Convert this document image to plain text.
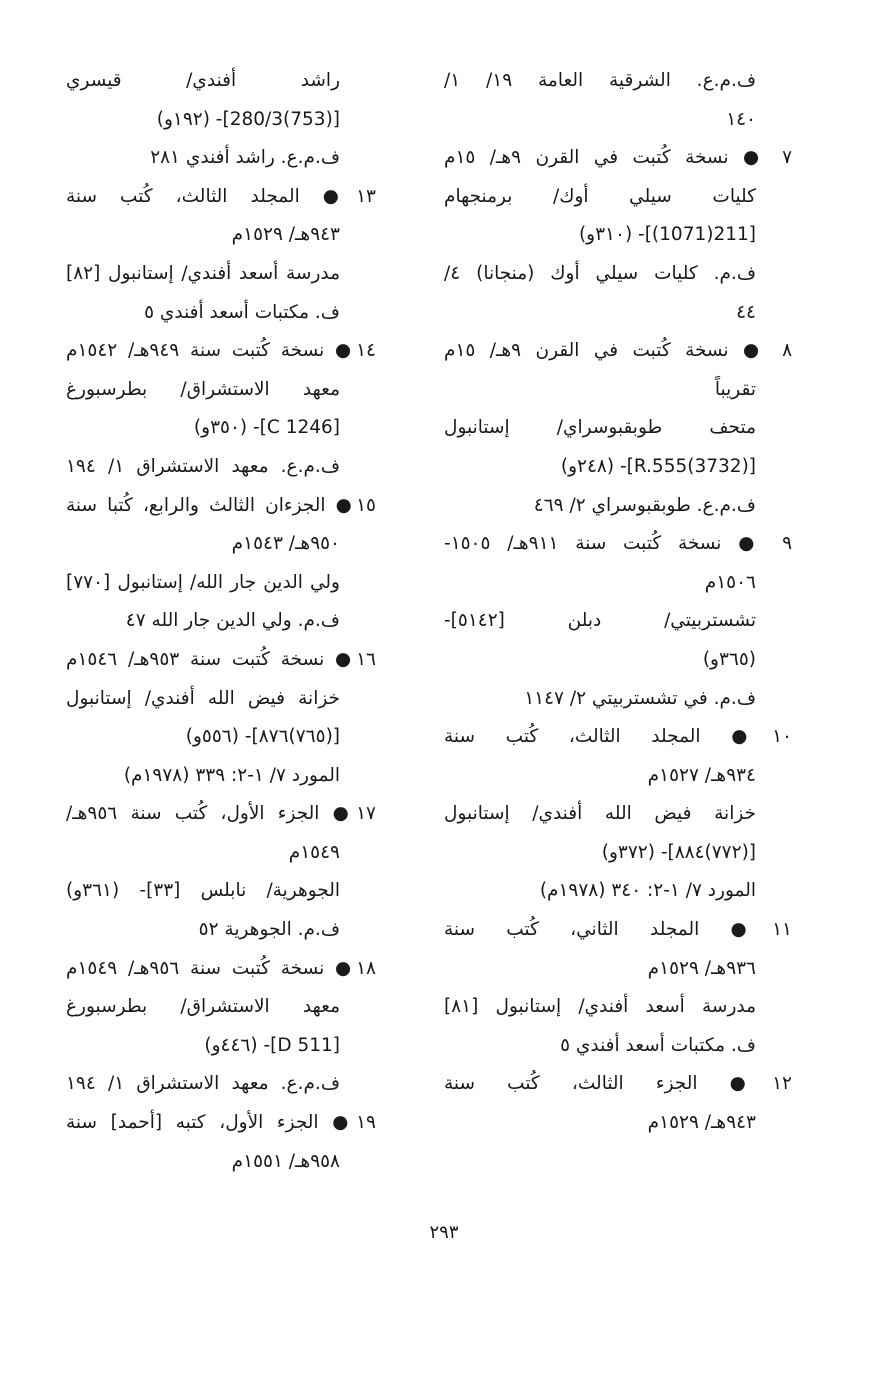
ف.م.ع. الشرقية العامة ١٩/ ١/
١٤٠
٧ ● نسخة كُتبت في القرن ٩هـ/ ١٥م
كليات سيلي أوك/ برمنجهام
[211(1071)]- (٣١٠و)
ف.م. كليات سيلي أوك (منجانا) ٤/
٤٤
٨ ● نسخة كُتبت في القرن ٩هـ/ ١٥م
تقريباً
متحف طوبقبوسراي/ إستانبول
[(3732)R.555]- (٢٤٨و)
ف.م.ع. طوبقبوسراي ٢/ ٤٦٩
٩ ● نسخة كُتبت سنة ٩١١هـ/ ١٥٠٥-
١٥٠٦م
تشستربيتي/ دبلن [٥١٤٢]-
(٣٦٥و)
ف.م. في تشستربيتي ٢/ ١١٤٧
١٠● المجلد الثالث، كُتب سنة
٩٣٤هـ/ ١٥٢٧م
خزانة فيض الله أفندي/ إستانبول
[(٧٧٢)٨٨٤]- (٣٧٢و)
المورد ٧/ ١-٢: ٣٤٠ (١٩٧٨م)
١١● المجلد الثاني، كُتب سنة
٩٣٦هـ/ ١٥٢٩م
مدرسة أسعد أفندي/ إستانبول [٨١]
ف. مكتبات أسعد أفندي ٥
١٢● الجزء الثالث، كُتب سنة
٩٤٣هـ/ ١٥٢٩م
راشد أفندي/ قيسري
[(753)280/3]- (١٩٢و)
ف.م.ع. راشد أفندي ٢٨١
١٣● المجلد الثالث، كُتب سنة
٩٤٣هـ/ ١٥٢٩م
مدرسة أسعد أفندي/ إستانبول [٨٢]
ف. مكتبات أسعد أفندي ٥
١٤● نسخة كُتبت سنة ٩٤٩هـ/ ١٥٤٢م
معهد الاستشراق/ بطرسبورغ
[C 1246]- (٣٥٠و)
ف.م.ع. معهد الاستشراق ١/ ١٩٤
١٥● الجزءان الثالث والرابع، كُتبا سنة
٩٥٠هـ/ ١٥٤٣م
ولي الدين جار الله/ إستانبول [٧٧٠]
ف.م. ولي الدين جار الله ٤٧
١٦● نسخة كُتبت سنة ٩٥٣هـ/ ١٥٤٦م
خزانة فيض الله أفندي/ إستانبول
[(٧٦٥)٨٧٦]- (٥٥٦و)
المورد ٧/ ١-٢: ٣٣٩ (١٩٧٨م)
١٧● الجزء الأول، كُتب سنة ٩٥٦هـ/
١٥٤٩م
الجوهرية/ نابلس [٣٣]- (٣٦١و)
ف.م. الجوهرية ٥٢
١٨● نسخة كُتبت سنة ٩٥٦هـ/ ١٥٤٩م
معهد الاستشراق/ بطرسبورغ
[D 511]- (٤٤٦و)
ف.م.ع. معهد الاستشراق ١/ ١٩٤
١٩● الجزء الأول، كتبه [أحمد] سنة
٩٥٨هـ/ ١٥٥١م
٢٩٣
